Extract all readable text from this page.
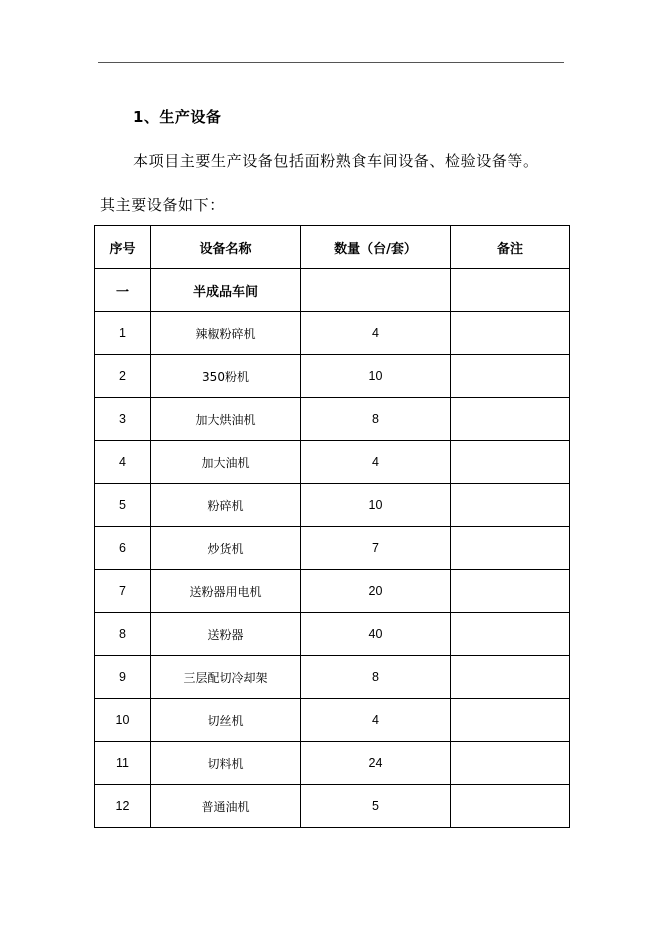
1、生产设备
本项目主要生产设备包括面粉熟食车间设备、检验设备等。
其主要设备如下：
序号	设备名称	数量（台/套）	备注
一	半成品车间		
1	辣椒粉碎机	4	
2	350粉机	10	
3	加大烘油机	8	
4	加大油机	4	
5	粉碎机	10	
6	炒货机	7	
7	送粉器用电机	20	
8	送粉器	40	
9	三层配切冷却架	8	
10	切丝机	4	
11	切料机	24	
12	普通油机	5	
